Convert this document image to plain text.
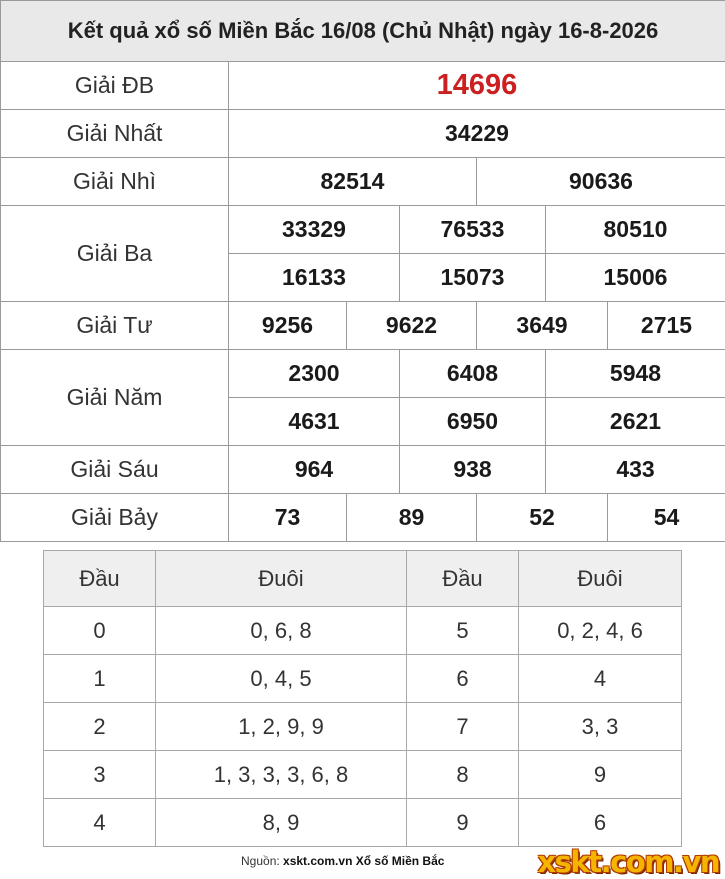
Kết quả xổ số Miền Bắc 16/08 (Chủ Nhật) ngày 16-8-2026						
Giải ĐB	14696					
Giải Nhất	34229					
Giải Nhì	82514			90636		
Giải Ba	33329		76533		80510	
	16133		15073		15006	
Giải Tư	9256	9622		3649		2715
Giải Năm	2300		6408		5948	
	4631		6950		2621	
Giải Sáu	964		938		433	
Giải Bảy	73	89		52		54
Đầu	Đuôi	Đầu	Đuôi
0	0, 6, 8	5	0, 2, 4, 6
1	0, 4, 5	6	4
2	1, 2, 9, 9	7	3, 3
3	1, 3, 3, 3, 6, 8	8	9
4	8, 9	9	6
Nguồn: xskt.com.vn Xổ số Miền Bắc	xskt.com.vn
